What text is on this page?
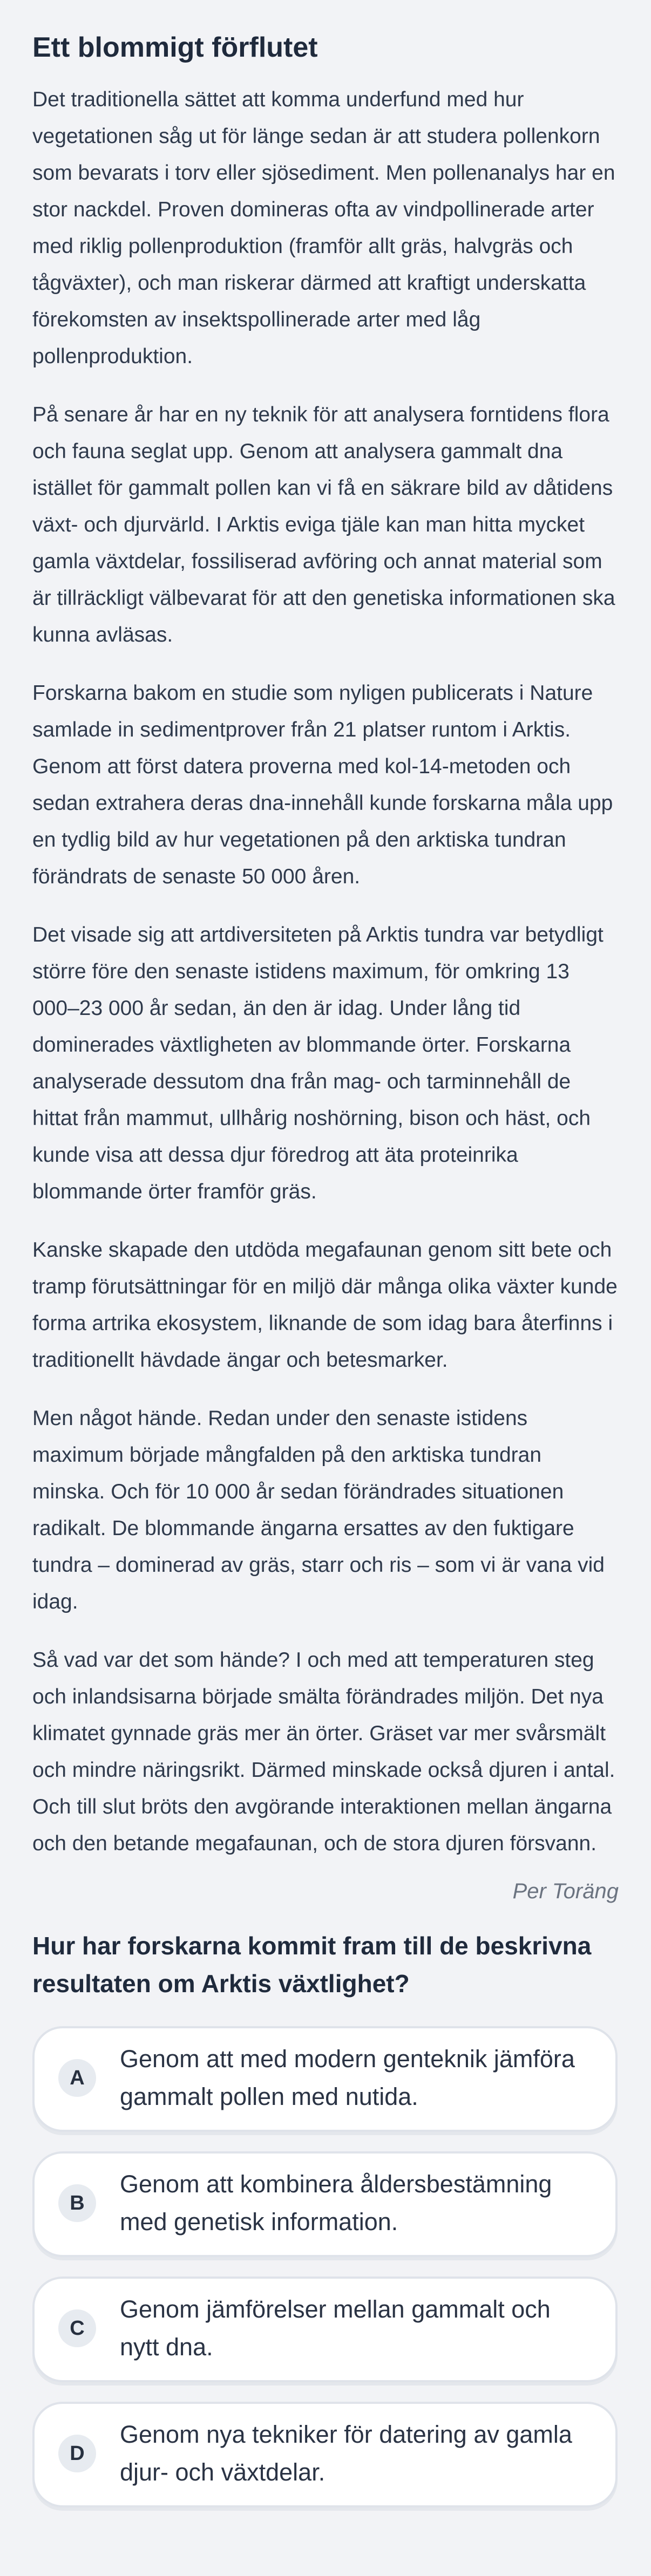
Ett blommigt förflutet

Det traditionella sättet att komma underfund med hur vegetationen såg ut för länge sedan är att studera pollenkorn som bevarats i torv eller sjösediment. Men pollenanalys har en stor nackdel. Proven domineras ofta av vindpollinerade arter med riklig pollenproduktion (framför allt gräs, halvgräs och tågväxter), och man riskerar därmed att kraftigt underskatta förekomsten av insektspollinerade arter med låg pollenproduktion.

På senare år har en ny teknik för att analysera forntidens flora och fauna seglat upp. Genom att analysera gammalt dna istället för gammalt pollen kan vi få en säkrare bild av dåtidens växt- och djurvärld. I Arktis eviga tjäle kan man hitta mycket gamla växtdelar, fossiliserad avföring och annat material som är tillräckligt välbevarat för att den genetiska informationen ska kunna avläsas.

Forskarna bakom en studie som nyligen publicerats i Nature samlade in sedimentprover från 21 platser runtom i Arktis. Genom att först datera proverna med kol-14-metoden och sedan extrahera deras dna-innehåll kunde forskarna måla upp en tydlig bild av hur vegetationen på den arktiska tundran förändrats de senaste 50 000 åren.

Det visade sig att artdiversiteten på Arktis tundra var betydligt större före den senaste istidens maximum, för omkring 13 000–23 000 år sedan, än den är idag. Under lång tid dominerades växtligheten av blommande örter. Forskarna analyserade dessutom dna från mag- och tarminnehåll de hittat från mammut, ullhårig noshörning, bison och häst, och kunde visa att dessa djur föredrog att äta proteinrika blommande örter framför gräs.

Kanske skapade den utdöda megafaunan genom sitt bete och tramp förutsättningar för en miljö där många olika växter kunde forma artrika ekosystem, liknande de som idag bara återfinns i traditionellt hävdade ängar och betesmarker.

Men något hände. Redan under den senaste istidens maximum började mångfalden på den arktiska tundran minska. Och för 10 000 år sedan förändrades situationen radikalt. De blommande ängarna ersattes av den fuktigare tundra – dominerad av gräs, starr och ris – som vi är vana vid idag.

Så vad var det som hände? I och med att temperaturen steg och inlandsisarna började smälta förändrades miljön. Det nya klimatet gynnade gräs mer än örter. Gräset var mer svårsmält och mindre näringsrikt. Därmed minskade också djuren i antal. Och till slut bröts den avgörande interaktionen mellan ängarna och den betande megafaunan, och de stora djuren försvann.

Per Toräng
Hur har forskarna kommit fram till de beskrivna resultaten om Arktis växtlighet?
A
Genom att med modern genteknik jämföra gammalt pollen med nutida.
B
Genom att kombinera åldersbestämning med genetisk information.
C
Genom jämförelser mellan gammalt och nytt dna.
D
Genom nya tekniker för datering av gamla djur- och växtdelar.
